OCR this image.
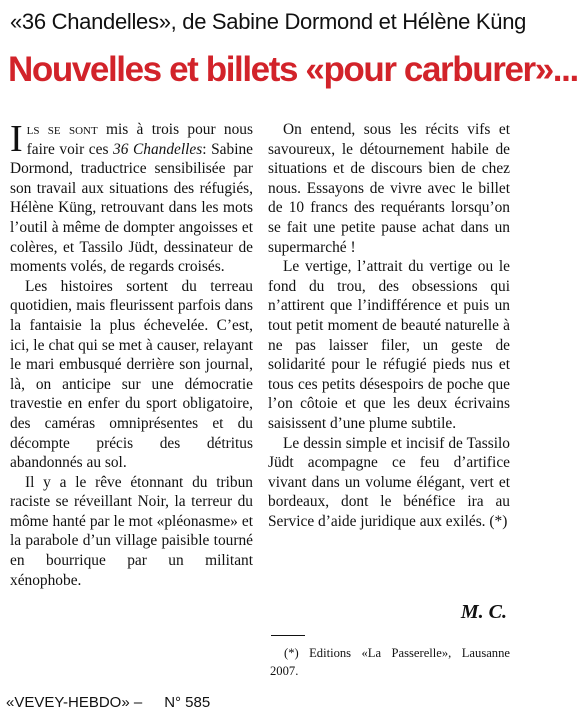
«36 Chandelles», de Sabine Dormond et Hélène Küng
Nouvelles et billets «pour carburer»...

Ils se sont mis à trois pour nous faire voir ces 36 Chandelles: Sabine Dormond, traductrice sensibilisée par son travail aux situations des réfugiés, Hélène Küng, retrouvant dans les mots l’outil à même de dompter angoisses et colères, et Tassilo Jüdt, dessinateur de moments volés, de regards croisés.

Les histoires sortent du terreau quotidien, mais fleurissent parfois dans la fantaisie la plus échevelée. C’est, ici, le chat qui se met à causer, relayant le mari embusqué derrière son journal, là, on anticipe sur une démocratie travestie en enfer du sport obligatoire, des caméras omniprésentes et du décompte précis des détritus abandonnés au sol.

Il y a le rêve étonnant du tribun raciste se réveillant Noir, la terreur du môme hanté par le mot «pléonasme» et la parabole d’un village paisible tourné en bourrique par un militant xénophobe.

On entend, sous les récits vifs et savoureux, le détournement habile de situations et de discours bien de chez nous. Essayons de vivre avec le billet de 10 francs des requérants lorsqu’on se fait une petite pause achat dans un supermarché !

Le vertige, l’attrait du vertige ou le fond du trou, des obsessions qui n’attirent que l’indifférence et puis un tout petit moment de beauté naturelle à ne pas laisser filer, un geste de solidarité pour le réfugié pieds nus et tous ces petits désespoirs de poche que l’on côtoie et que les deux écrivains saisissent d’une plume subtile.

Le dessin simple et incisif de Tassilo Jüdt acompagne ce feu d’artifice vivant dans un volume élégant, vert et bordeaux, dont le bénéfice ira au Service d’aide juridique aux exilés. (*)

M. C.
(*) Editions «La Passerelle», Lausanne 2007.
«VEVEY-HEBDO» – N° 585
